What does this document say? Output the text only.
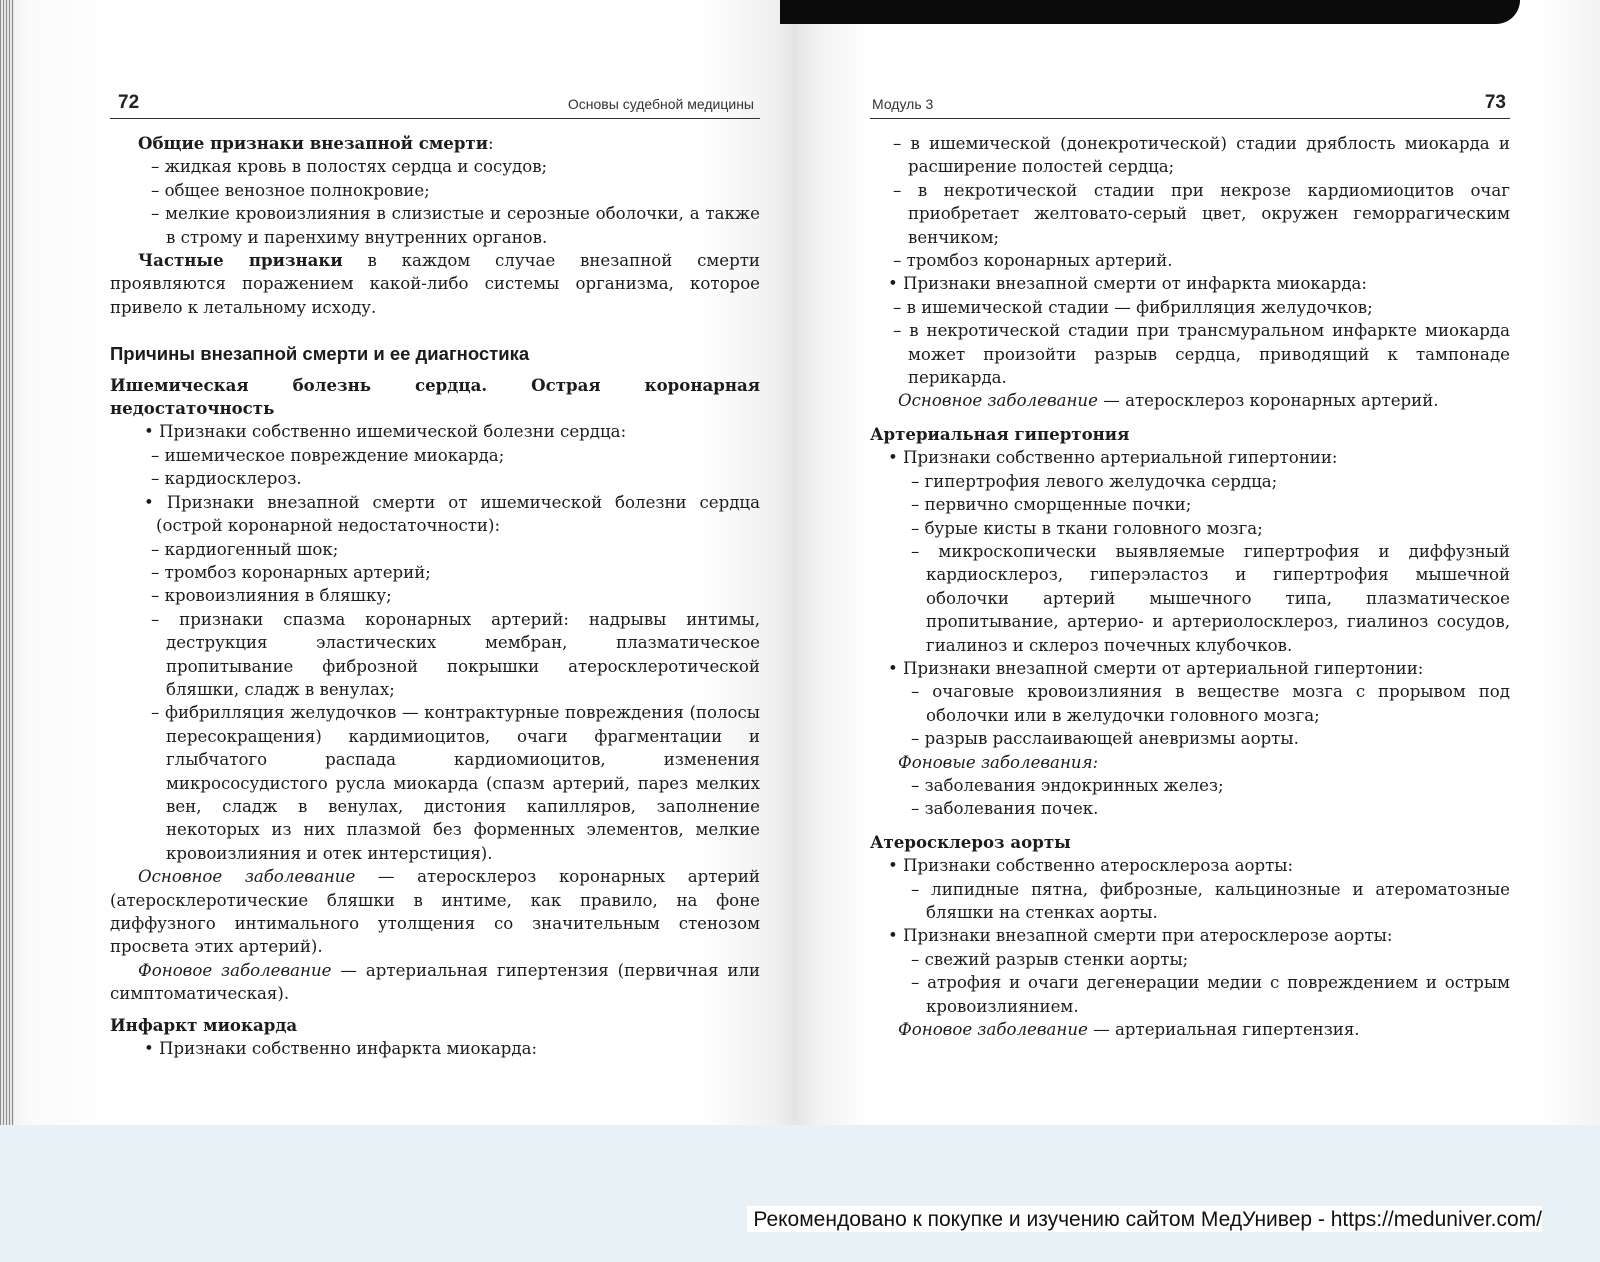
72	Основы судебной медицины

Общие признаки внезапной смерти:

– жидкая кровь в полостях сердца и сосудов;

– общее венозное полнокровие;

– мелкие кровоизлияния в слизистые и серозные оболочки, а также в строму и паренхиму внутренних органов.

Частные признаки в каждом случае внезапной смерти проявляются поражением какой-либо системы организма, которое привело к летальному исходу.

Причины внезапной смерти и ее диагностика

Ишемическая болезнь сердца. Острая коронарная недостаточность

• Признаки собственно ишемической болезни сердца:

– ишемическое повреждение миокарда;

– кардиосклероз.

• Признаки внезапной смерти от ишемической болезни сердца (острой коронарной недостаточности):

– кардиогенный шок;

– тромбоз коронарных артерий;

– кровоизлияния в бляшку;

– признаки спазма коронарных артерий: надрывы интимы, деструкция эластических мембран, плазматическое пропитывание фиброзной покрышки атеросклеротической бляшки, сладж в венулах;

– фибрилляция желудочков — контрактурные повреждения (полосы пересокращения) кардимиоцитов, очаги фрагментации и глыбчатого распада кардиомиоцитов, изменения микрососудистого русла миокарда (спазм артерий, парез мелких вен, сладж в венулах, дистония капилляров, заполнение некоторых из них плазмой без форменных элементов, мелкие кровоизлияния и отек интерстиция).

Основное заболевание — атеросклероз коронарных артерий (атеросклеротические бляшки в интиме, как правило, на фоне диффузного интимального утолщения со значительным стенозом просвета этих артерий).

Фоновое заболевание — артериальная гипертензия (первичная или симптоматическая).

Инфаркт миокарда

• Признаки собственно инфаркта миокарда:

Модуль 3	73

– в ишемической (донекротической) стадии дряблость миокарда и расширение полостей сердца;

– в некротической стадии при некрозе кардиомиоцитов очаг приобретает желтовато-серый цвет, окружен геморрагическим венчиком;

– тромбоз коронарных артерий.

• Признаки внезапной смерти от инфаркта миокарда:

– в ишемической стадии — фибрилляция желудочков;

– в некротической стадии при трансмуральном инфаркте миокарда может произойти разрыв сердца, приводящий к тампонаде перикарда.

Основное заболевание — атеросклероз коронарных артерий.

Артериальная гипертония

• Признаки собственно артериальной гипертонии:

– гипертрофия левого желудочка сердца;

– первично сморщенные почки;

– бурые кисты в ткани головного мозга;

– микроскопически выявляемые гипертрофия и диффузный кардиосклероз, гиперэластоз и гипертрофия мышечной оболочки артерий мышечного типа, плазматическое пропитывание, артерио- и артериолосклероз, гиалиноз сосудов, гиалиноз и склероз почечных клубочков.

• Признаки внезапной смерти от артериальной гипертонии:

– очаговые кровоизлияния в веществе мозга с прорывом под оболочки или в желудочки головного мозга;

– разрыв расслаивающей аневризмы аорты.

Фоновые заболевания:

– заболевания эндокринных желез;

– заболевания почек.

Атеросклероз аорты

• Признаки собственно атеросклероза аорты:

– липидные пятна, фиброзные, кальцинозные и атероматозные бляшки на стенках аорты.

• Признаки внезапной смерти при атеросклерозе аорты:

– свежий разрыв стенки аорты;

– атрофия и очаги дегенерации медии с повреждением и острым кровоизлиянием.

Фоновое заболевание — артериальная гипертензия.

Рекомендовано к покупке и изучению сайтом МедУнивер - https://meduniver.com/
